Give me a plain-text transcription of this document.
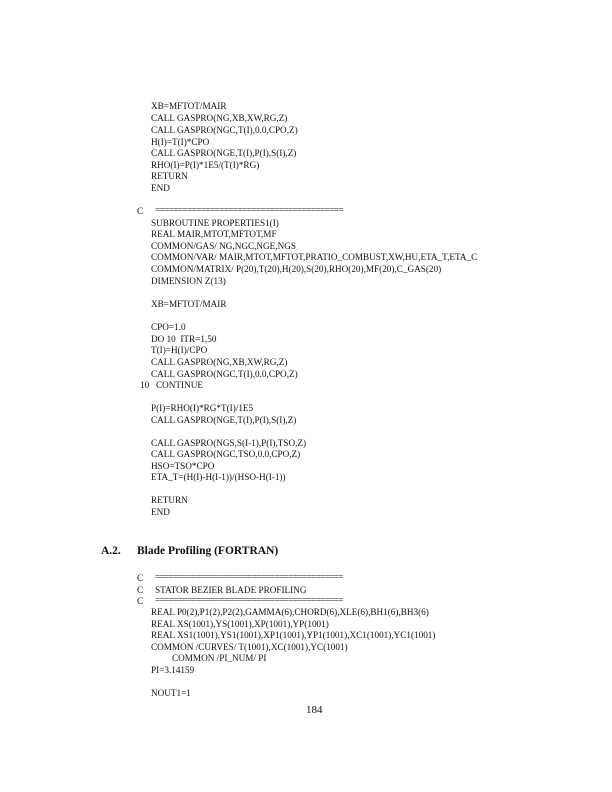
XB=MFTOT/MAIR
CALL GASPRO(NG,XB,XW,RG,Z)
CALL GASPRO(NGC,T(I),0.0,CPO,Z)
H(I)=T(I)*CPO
CALL GASPRO(NGE,T(I),P(I),S(I),Z)
RHO(I)=P(I)*1E5/(T(I)*RG)
RETURN
END
C =========================================
SUBROUTINE PROPERTIES1(I)
REAL MAIR,MTOT,MFTOT,MF
COMMON/GAS/ NG,NGC,NGE,NGS
COMMON/VAR/ MAIR,MTOT,MFTOT,PRATIO_COMBUST,XW,HU,ETA_T,ETA_C
COMMON/MATRIX/ P(20),T(20),H(20),S(20),RHO(20),MF(20),C_GAS(20)
DIMENSION Z(13)
XB=MFTOT/MAIR
CPO=1.0
DO 10  ITR=1,50
T(I)=H(I)/CPO
CALL GASPRO(NG,XB,XW,RG,Z)
CALL GASPRO(NGC,T(I),0.0,CPO,Z)
10 CONTINUE
P(I)=RHO(I)*RG*T(I)/1E5
CALL GASPRO(NGE,T(I),P(I),S(I),Z)
CALL GASPRO(NGS,S(I-1),P(I),TSO,Z)
CALL GASPRO(NGC,TSO,0.0,CPO,Z)
HSO=TSO*CPO
ETA_T=(H(I)-H(I-1))/(HSO-H(I-1))
RETURN
END
A.2. Blade Profiling (FORTRAN)
C =========================================
C STATOR BEZIER BLADE PROFILING
C =========================================
REAL P0(2),P1(2),P2(2),GAMMA(6),CHORD(6),XLE(6),BH1(6),BH3(6)
REAL XS(1001),YS(1001),XP(1001),YP(1001)
REAL XS1(1001),YS1(1001),XP1(1001),YP1(1001),XC1(1001),YC1(1001)
COMMON /CURVES/ T(1001),XC(1001),YC(1001)
COMMON /PI_NUM/ PI
PI=3.14159
NOUT1=1
184
